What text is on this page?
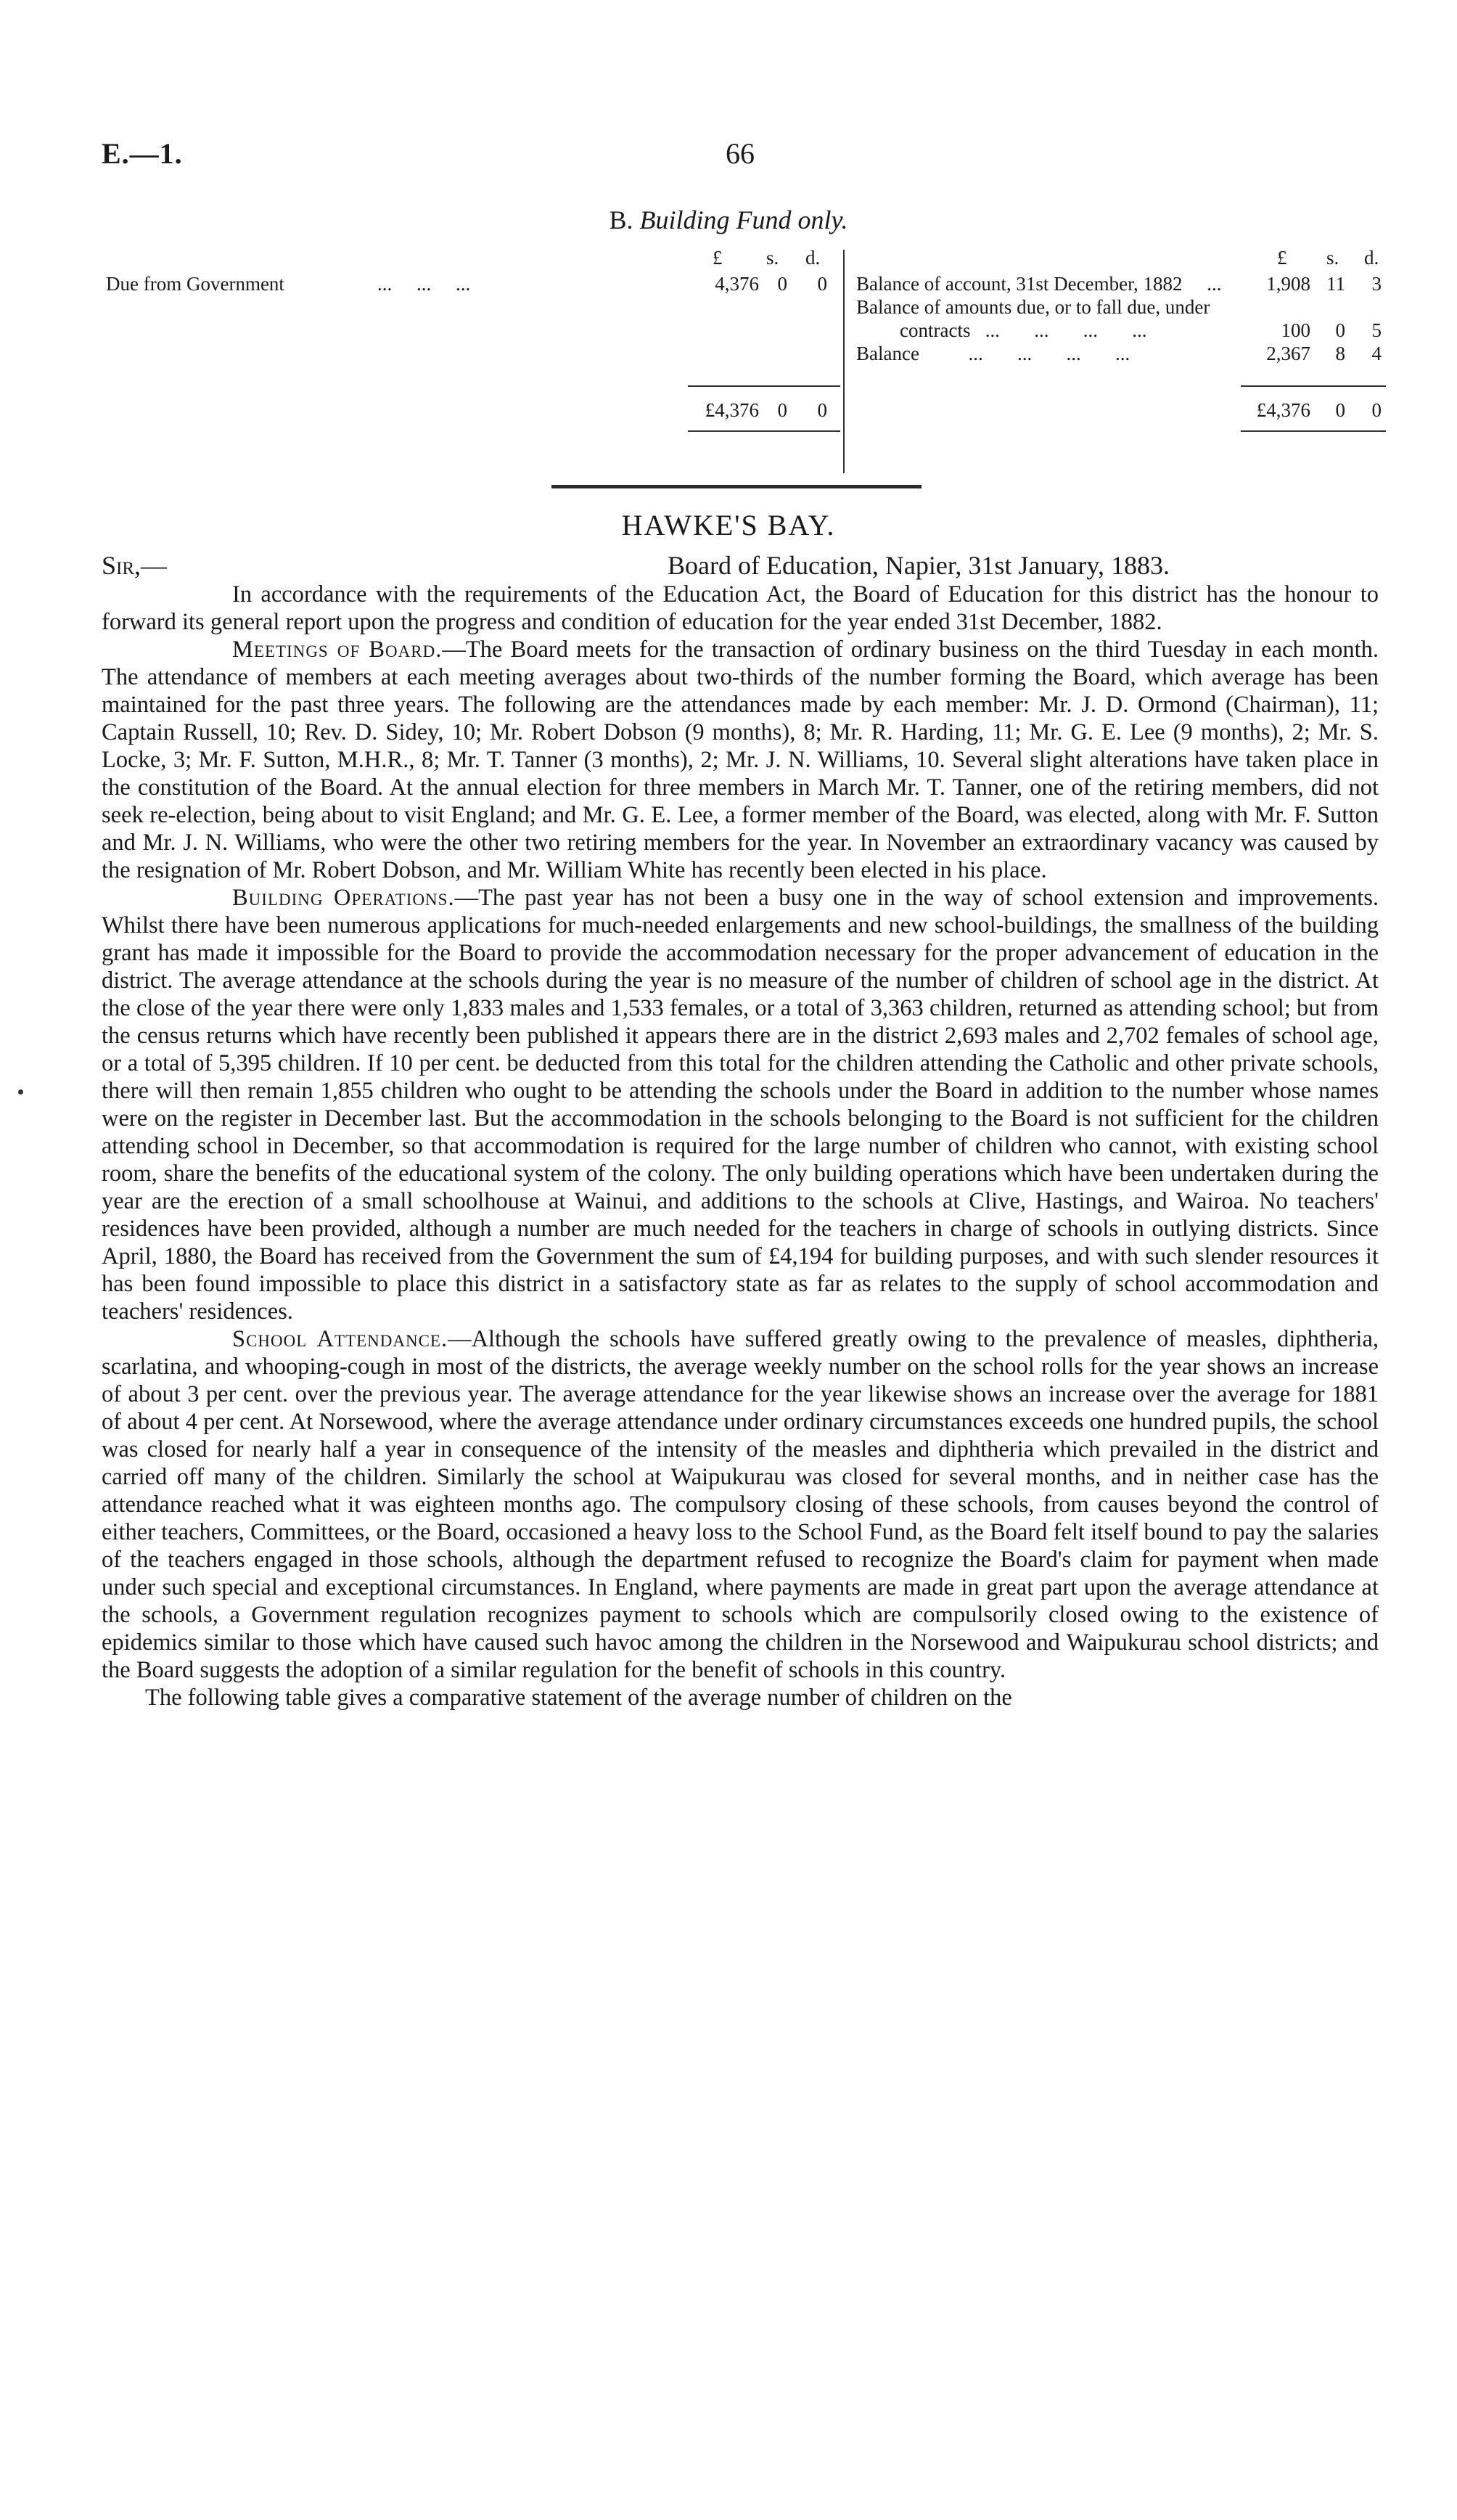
E.—1.	66
B. Building Fund only.
£ s. d.
Due from Government	...     ...     ...	4,376 0	0
£4,376 0	0
£ s. d.
Balance of account, 31st December, 1882     ...	1,908 11	3
Balance of amounts due, or to fall due, under
contracts   ...       ...       ...       ...	100	0	5
Balance          ...       ...       ...       ...	2,367	8	4
£4,376	0	0
HAWKE'S BAY.
Sir,—	Board of Education, Napier, 31st January, 1883.

In accordance with the requirements of the Education Act, the Board of Education for this district has the honour to forward its general report upon the progress and condition of education for the year ended 31st December, 1882.

Meetings of Board.—The Board meets for the transaction of ordinary business on the third Tuesday in each month. The attendance of members at each meeting averages about two-thirds of the number forming the Board, which average has been maintained for the past three years. The following are the attendances made by each member: Mr. J. D. Ormond (Chairman), 11; Captain Russell, 10; Rev. D. Sidey, 10; Mr. Robert Dobson (9 months), 8; Mr. R. Harding, 11; Mr. G. E. Lee (9 months), 2; Mr. S. Locke, 3; Mr. F. Sutton, M.H.R., 8; Mr. T. Tanner (3 months), 2; Mr. J. N. Williams, 10. Several slight alterations have taken place in the constitution of the Board. At the annual election for three members in March Mr. T. Tanner, one of the retiring members, did not seek re-election, being about to visit England; and Mr. G. E. Lee, a former member of the Board, was elected, along with Mr. F. Sutton and Mr. J. N. Williams, who were the other two retiring members for the year. In November an extraordinary vacancy was caused by the resignation of Mr. Robert Dobson, and Mr. William White has recently been elected in his place.

Building Operations.—The past year has not been a busy one in the way of school extension and improvements. Whilst there have been numerous applications for much-needed enlargements and new school-buildings, the smallness of the building grant has made it impossible for the Board to provide the accommodation necessary for the proper advancement of education in the district. The average attendance at the schools during the year is no measure of the number of children of school age in the district. At the close of the year there were only 1,833 males and 1,533 females, or a total of 3,363 children, returned as attending school; but from the census returns which have recently been published it appears there are in the district 2,693 males and 2,702 females of school age, or a total of 5,395 children. If 10 per cent. be deducted from this total for the children attending the Catholic and other private schools, there will then remain 1,855 children who ought to be attending the schools under the Board in addition to the number whose names were on the register in December last. But the accommodation in the schools belonging to the Board is not sufficient for the children attending school in December, so that accommodation is required for the large number of children who cannot, with existing school room, share the benefits of the educational system of the colony. The only building operations which have been undertaken during the year are the erection of a small schoolhouse at Wainui, and additions to the schools at Clive, Hastings, and Wairoa. No teachers' residences have been provided, although a number are much needed for the teachers in charge of schools in outlying districts. Since April, 1880, the Board has received from the Government the sum of £4,194 for building purposes, and with such slender resources it has been found impossible to place this district in a satisfactory state as far as relates to the supply of school accommodation and teachers' residences.

School Attendance.—Although the schools have suffered greatly owing to the prevalence of measles, diphtheria, scarlatina, and whooping-cough in most of the districts, the average weekly number on the school rolls for the year shows an increase of about 3 per cent. over the previous year. The average attendance for the year likewise shows an increase over the average for 1881 of about 4 per cent. At Norsewood, where the average attendance under ordinary circumstances exceeds one hundred pupils, the school was closed for nearly half a year in consequence of the intensity of the measles and diphtheria which prevailed in the district and carried off many of the children. Similarly the school at Waipukurau was closed for several months, and in neither case has the attendance reached what it was eighteen months ago. The compulsory closing of these schools, from causes beyond the control of either teachers, Committees, or the Board, occasioned a heavy loss to the School Fund, as the Board felt itself bound to pay the salaries of the teachers engaged in those schools, although the department refused to recognize the Board's claim for payment when made under such special and exceptional circumstances. In England, where payments are made in great part upon the average attendance at the schools, a Government regulation recognizes payment to schools which are compulsorily closed owing to the existence of epidemics similar to those which have caused such havoc among the children in the Norsewood and Waipukurau school districts; and the Board suggests the adoption of a similar regulation for the benefit of schools in this country.

The following table gives a comparative statement of the average number of children on the
